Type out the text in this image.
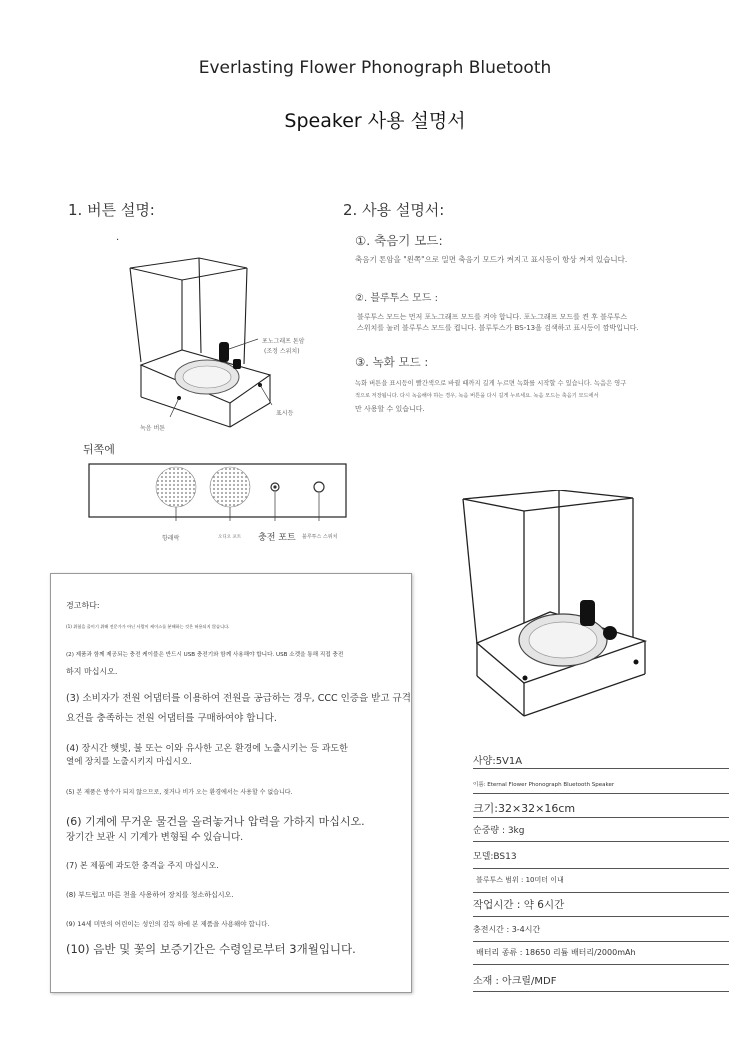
Everlasting Flower Phonograph Bluetooth
Speaker 사용 설명서
1. 버튼 설명:
.
포노그래프 톤암
(조정 스위치)
녹음 버튼
표시등
뒤쪽에
항래락	오디오 포트 충전 포트 블루투스 스위치
2. 사용 설명서:
①. 축음기 모드:
축음기 톤암을 "왼쪽"으로 밀면 축음기 모드가 켜지고 표시등이 항상 켜져 있습니다.
②. 블루투스 모드 :
블루투스 모드는 먼저 포노그래프 모드를 켜야 합니다. 포노그래프 모드를 켠 후 블루투스
스위치를 눌러 블루투스 모드를 켭니다. 블루투스가 BS-13을 검색하고 표시등이 깜박입니다.
③. 녹화 모드 :
녹화 버튼을 표시등이 빨간색으로 바뀔 때까지 길게 누르면 녹화를 시작할 수 있습니다. 녹음은 영구
적으로 저장됩니다. 다시 녹음해야 하는 경우, 녹음 버튼을 다시 길게 누르세요. 녹음 모드는 축음기 모드에서
만 사용할 수 있습니다.
경고하다:
(1) 위험을 줄이기 위해 전문가가 아닌 사람이 케이스를 분해하는 것은 허용되지 않습니다.
(2) 제품과 함께 제공되는 충전 케이블은 반드시 USB 충전기와 함께 사용해야 합니다. USB 소켓을 통해 직접 충전
하지 마십시오.
(3) 소비자가 전원 어댑터를 이용하여 전원을 공급하는 경우, CCC 인증을 받고 규격
요건을 충족하는 전원 어댑터를 구매하여야 합니다.
(4) 장시간 햇빛, 불 또는 이와 유사한 고온 환경에 노출시키는 등 과도한
열에 장치를 노출시키지 마십시오.
(5) 본 제품은 방수가 되지 않으므로, 젖거나 비가 오는 환경에서는 사용할 수 없습니다.
(6) 기계에 무거운 물건을 올려놓거나 압력을 가하지 마십시오.
장기간 보관 시 기계가 변형될 수 있습니다.
(7) 본 제품에 과도한 충격을 주지 마십시오.
(8) 부드럽고 마른 천을 사용하여 장치를 청소하십시오.
(9) 14세 미만의 어린이는 성인의 감독 하에 본 제품을 사용해야 합니다.
(10) 음반 및 꽃의 보증기간은 수령일로부터 3개월입니다.
사양:5V1A
이름: Eternal Flower Phonograph Bluetooth Speaker
크기:32×32×16cm
순중량 : 3kg
모델:BS13
블루투스 범위 : 10미터 이내
작업시간 : 약 6시간
충전시간 : 3-4시간
배터리 종류 : 18650 리튬 배터리/2000mAh
소재 : 아크릴/MDF
